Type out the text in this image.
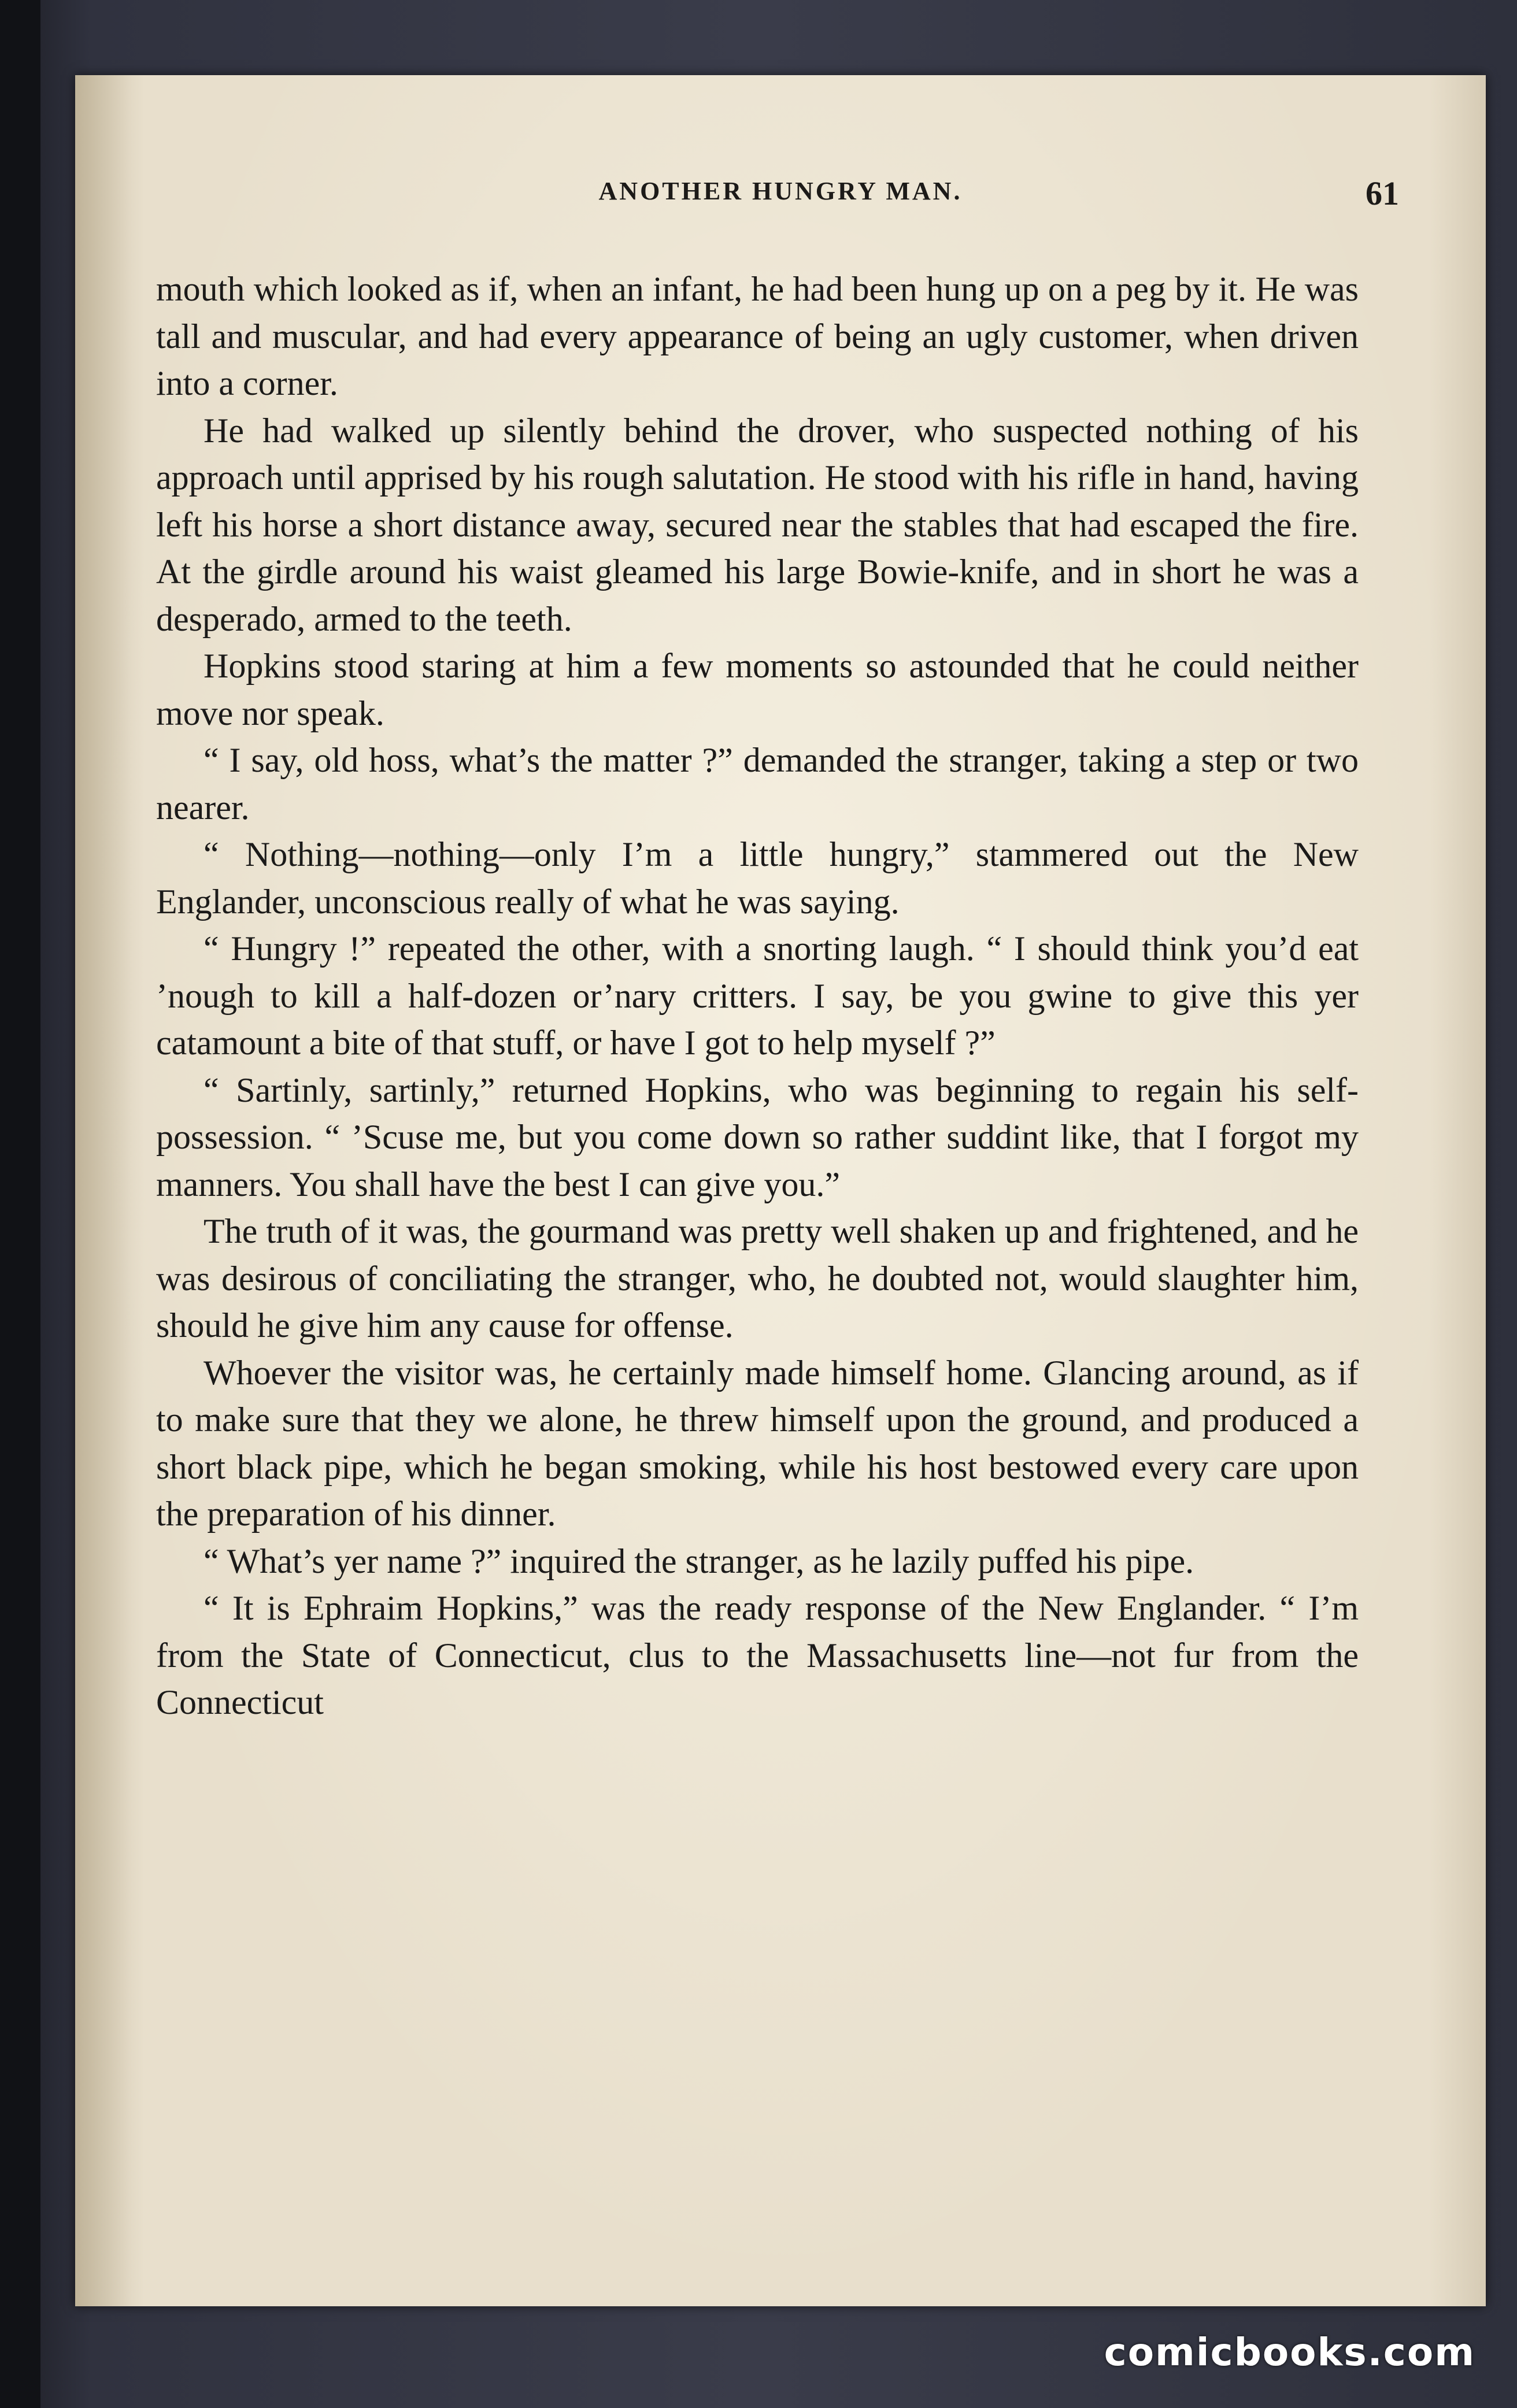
ANOTHER HUNGRY MAN.	61

mouth which looked as if, when an infant, he had been hung up on a peg by it. He was tall and muscular, and had every appearance of being an ugly customer, when driven into a corner.

He had walked up silently behind the drover, who suspected nothing of his approach until apprised by his rough salutation. He stood with his rifle in hand, having left his horse a short distance away, secured near the stables that had escaped the fire. At the girdle around his waist gleamed his large Bowie-knife, and in short he was a desperado, armed to the teeth.

Hopkins stood staring at him a few moments so astounded that he could neither move nor speak.

“ I say, old hoss, what’s the matter ?” demanded the stranger, taking a step or two nearer.

“ Nothing—nothing—only I’m a little hungry,” stammered out the New Englander, unconscious really of what he was saying.

“ Hungry !” repeated the other, with a snorting laugh. “ I should think you’d eat ’nough to kill a half-dozen or’nary critters. I say, be you gwine to give this yer catamount a bite of that stuff, or have I got to help myself ?”

“ Sartinly, sartinly,” returned Hopkins, who was beginning to regain his self-possession. “ ’Scuse me, but you come down so rather suddint like, that I forgot my manners. You shall have the best I can give you.”

The truth of it was, the gourmand was pretty well shaken up and frightened, and he was desirous of conciliating the stranger, who, he doubted not, would slaughter him, should he give him any cause for offense.

Whoever the visitor was, he certainly made himself home. Glancing around, as if to make sure that they we alone, he threw himself upon the ground, and produced a short black pipe, which he began smoking, while his host bestowed every care upon the preparation of his dinner.

“ What’s yer name ?” inquired the stranger, as he lazily puffed his pipe.

“ It is Ephraim Hopkins,” was the ready response of the New Englander. “ I’m from the State of Connecticut, clus to the Massachusetts line—not fur from the Connecticut

comicbooks.com
